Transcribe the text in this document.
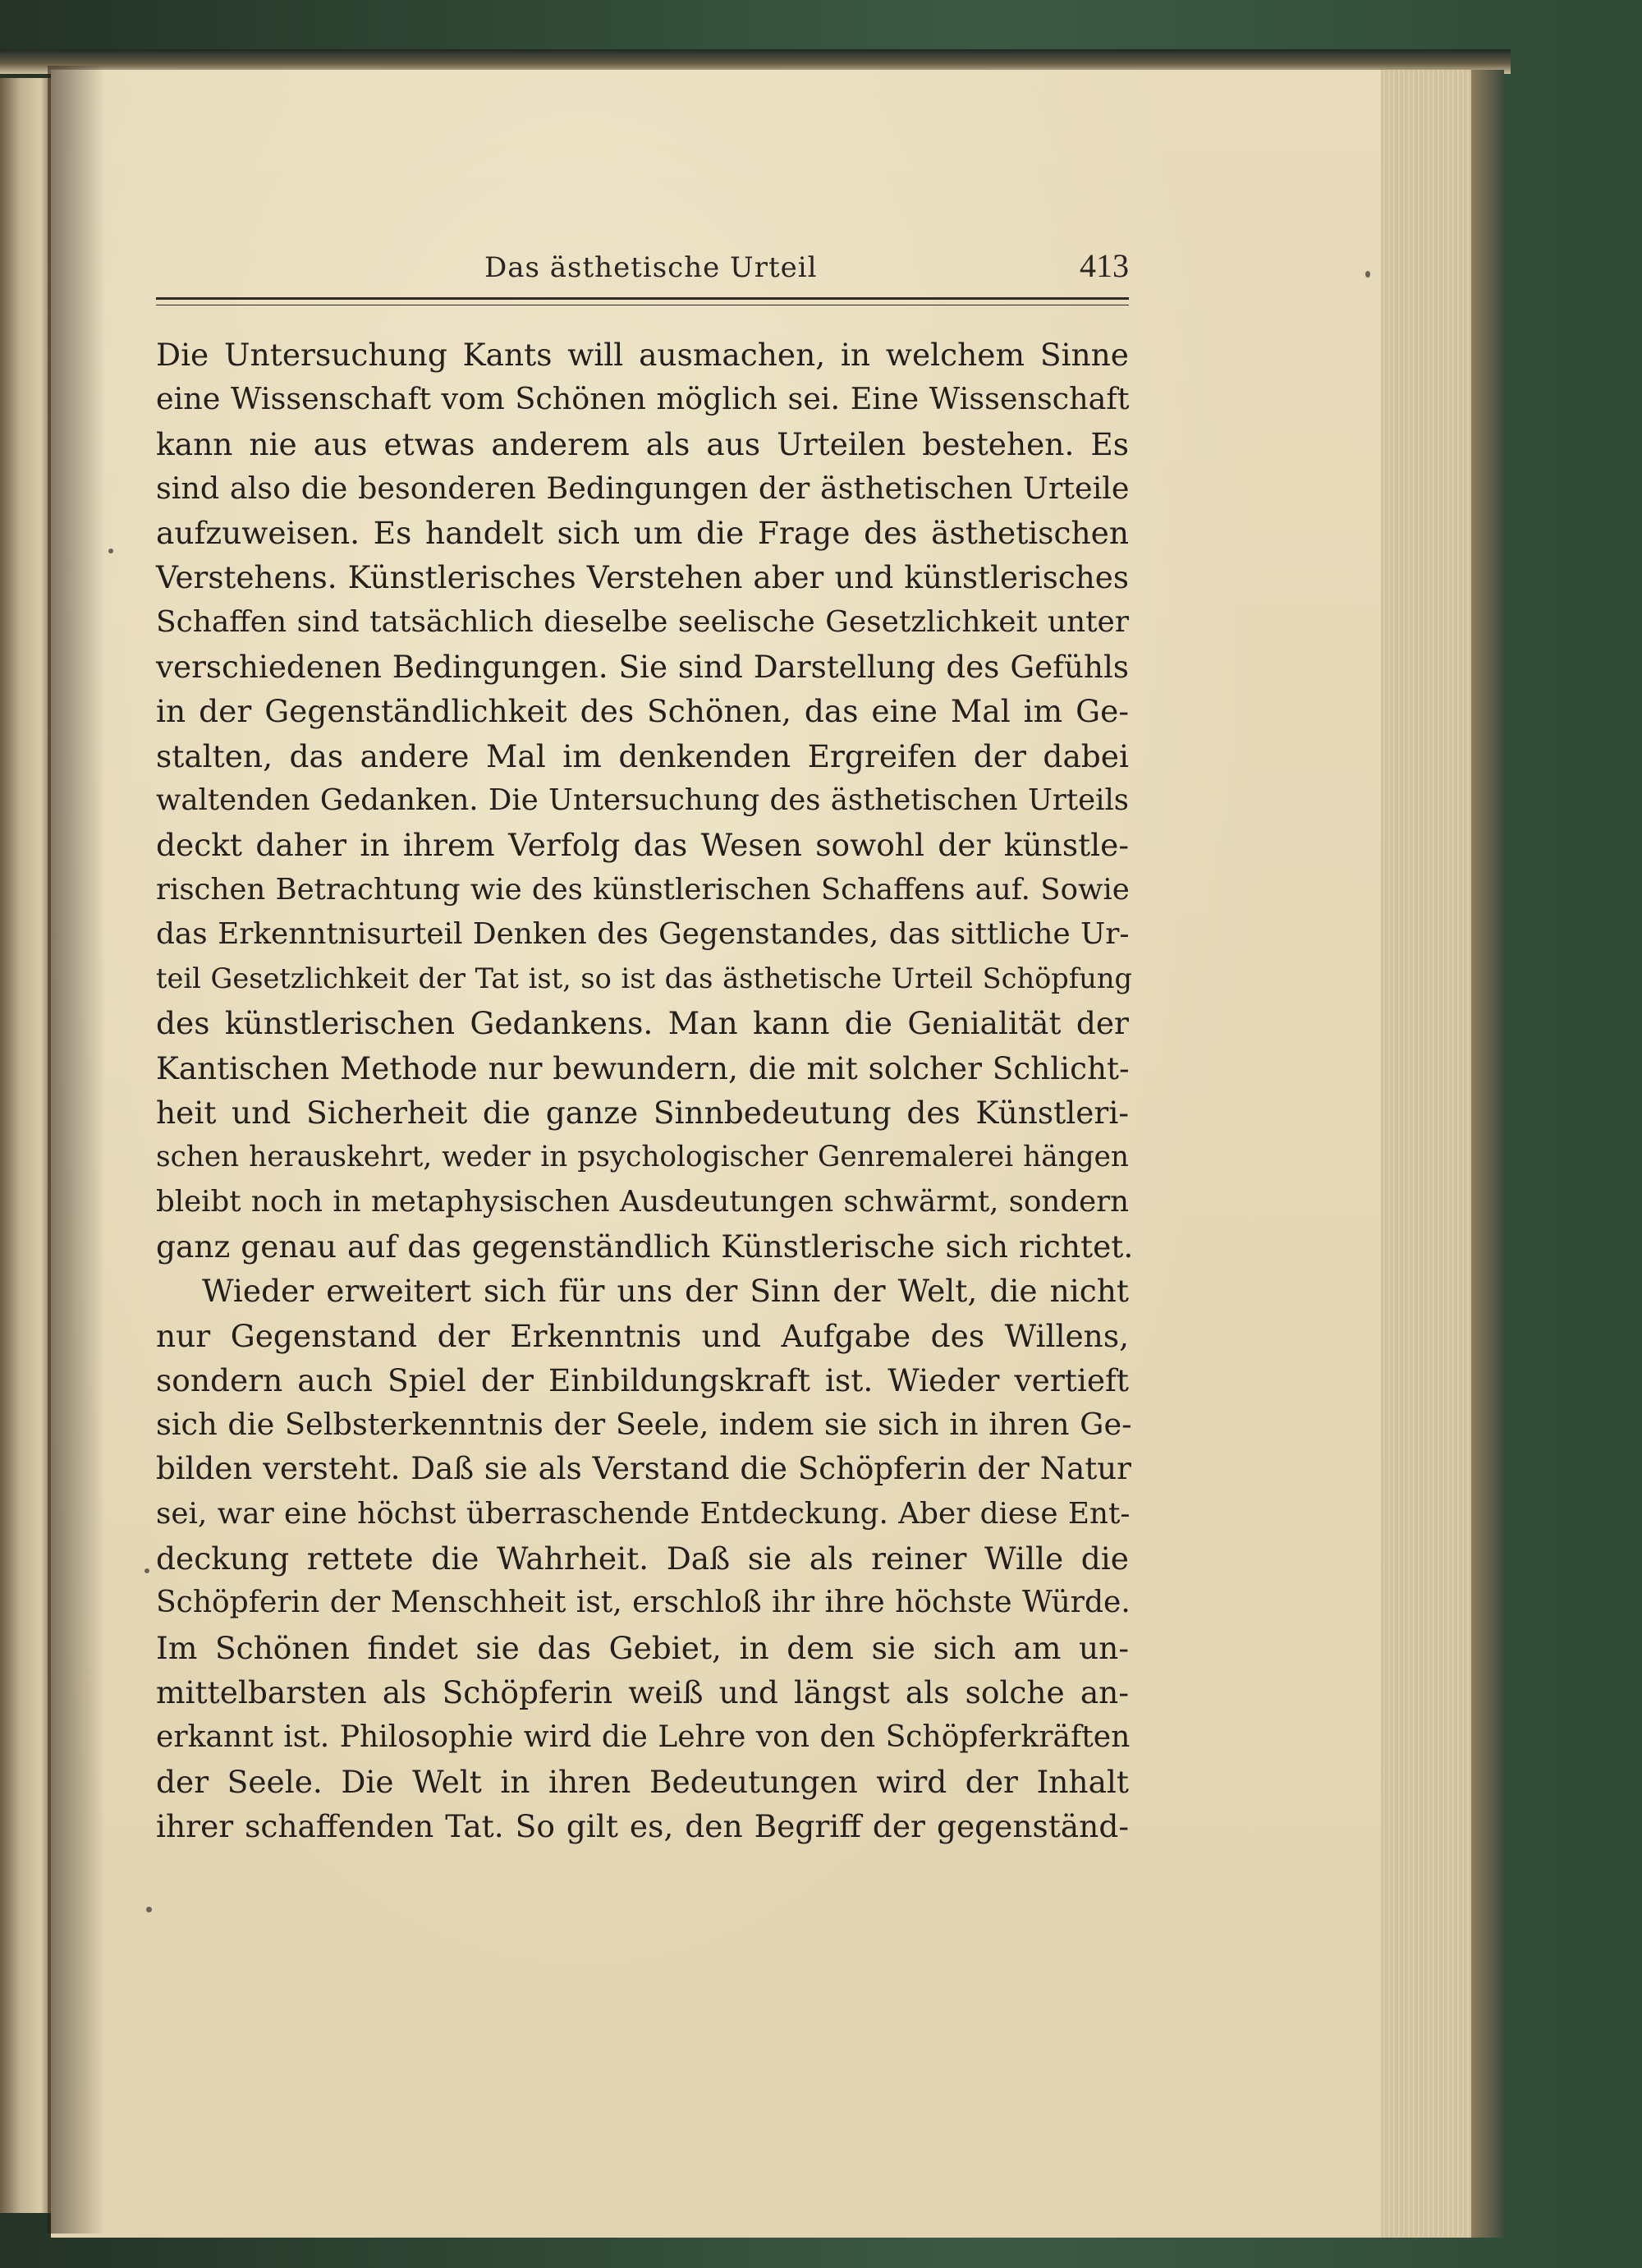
Das ästhetische Urteil	413
Die Untersuchung Kants will ausmachen, in welchem Sinne
eine Wissenschaft vom Schönen möglich sei. Eine Wissenschaft
kann nie aus etwas anderem als aus Urteilen bestehen. Es
sind also die besonderen Bedingungen der ästhetischen Urteile
aufzuweisen. Es handelt sich um die Frage des ästhetischen
Verstehens. Künstlerisches Verstehen aber und künstlerisches
Schaffen sind tatsächlich dieselbe seelische Gesetzlichkeit unter
verschiedenen Bedingungen. Sie sind Darstellung des Gefühls
in der Gegenständlichkeit des Schönen, das eine Mal im Ge-
stalten, das andere Mal im denkenden Ergreifen der dabei
waltenden Gedanken. Die Untersuchung des ästhetischen Urteils
deckt daher in ihrem Verfolg das Wesen sowohl der künstle-
rischen Betrachtung wie des künstlerischen Schaffens auf. Sowie
das Erkenntnisurteil Denken des Gegenstandes, das sittliche Ur-
teil Gesetzlichkeit der Tat ist, so ist das ästhetische Urteil Schöpfung
des künstlerischen Gedankens. Man kann die Genialität der
Kantischen Methode nur bewundern, die mit solcher Schlicht-
heit und Sicherheit die ganze Sinnbedeutung des Künstleri-
schen herauskehrt, weder in psychologischer Genremalerei hängen
bleibt noch in metaphysischen Ausdeutungen schwärmt, sondern
ganz genau auf das gegenständlich Künstlerische sich richtet.
Wieder erweitert sich für uns der Sinn der Welt, die nicht
nur Gegenstand der Erkenntnis und Aufgabe des Willens,
sondern auch Spiel der Einbildungskraft ist. Wieder vertieft
sich die Selbsterkenntnis der Seele, indem sie sich in ihren Ge-
bilden versteht. Daß sie als Verstand die Schöpferin der Natur
sei, war eine höchst überraschende Entdeckung. Aber diese Ent-
deckung rettete die Wahrheit. Daß sie als reiner Wille die
Schöpferin der Menschheit ist, erschloß ihr ihre höchste Würde.
Im Schönen findet sie das Gebiet, in dem sie sich am un-
mittelbarsten als Schöpferin weiß und längst als solche an-
erkannt ist. Philosophie wird die Lehre von den Schöpferkräften
der Seele. Die Welt in ihren Bedeutungen wird der Inhalt
ihrer schaffenden Tat. So gilt es, den Begriff der gegenständ-
